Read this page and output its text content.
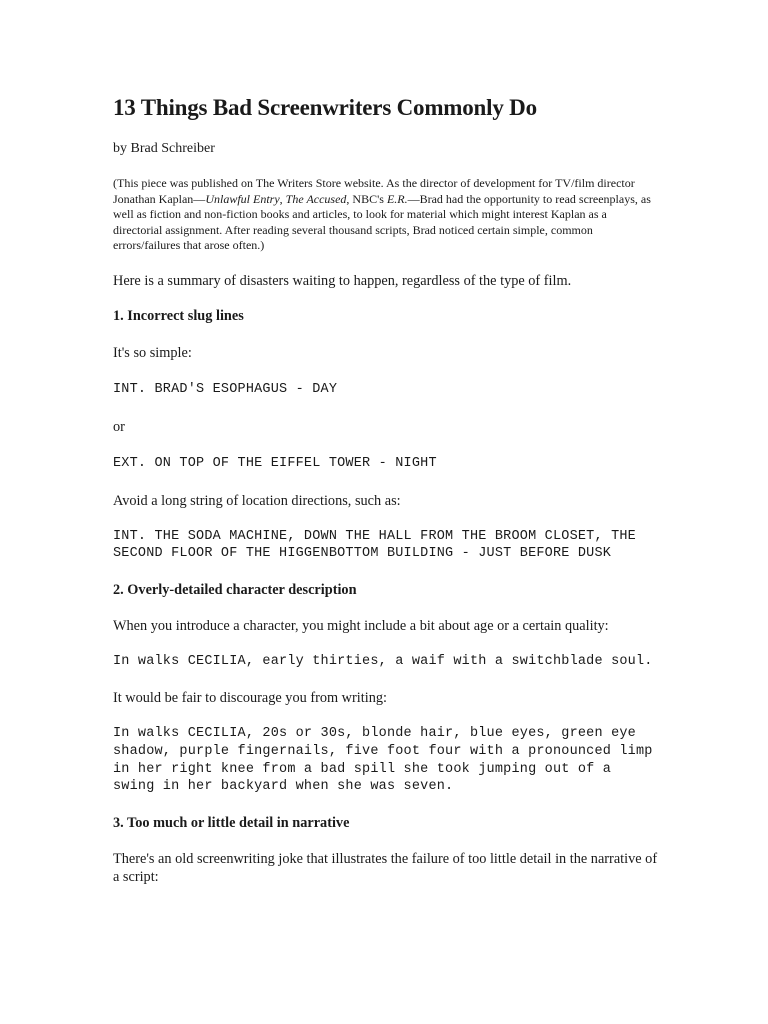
13 Things Bad Screenwriters Commonly Do

by Brad Schreiber

(This piece was published on The Writers Store website. As the director of development for TV/film director Jonathan Kaplan—Unlawful Entry, The Accused, NBC's E.R.—Brad had the opportunity to read screenplays, as well as fiction and non-fiction books and articles, to look for material which might interest Kaplan as a directorial assignment. After reading several thousand scripts, Brad noticed certain simple, common errors/failures that arose often.)

Here is a summary of disasters waiting to happen, regardless of the type of film.

1. Incorrect slug lines

It's so simple:

INT. BRAD'S ESOPHAGUS - DAY

or

EXT. ON TOP OF THE EIFFEL TOWER - NIGHT

Avoid a long string of location directions, such as:

INT. THE SODA MACHINE, DOWN THE HALL FROM THE BROOM CLOSET, THE SECOND FLOOR OF THE HIGGENBOTTOM BUILDING - JUST BEFORE DUSK

2. Overly-detailed character description

When you introduce a character, you might include a bit about age or a certain quality:

In walks CECILIA, early thirties, a waif with a switchblade soul.

It would be fair to discourage you from writing:

In walks CECILIA, 20s or 30s, blonde hair, blue eyes, green eye shadow, purple fingernails, five foot four with a pronounced limp in her right knee from a bad spill she took jumping out of a swing in her backyard when she was seven.

3. Too much or little detail in narrative

There's an old screenwriting joke that illustrates the failure of too little detail in the narrative of a script:
